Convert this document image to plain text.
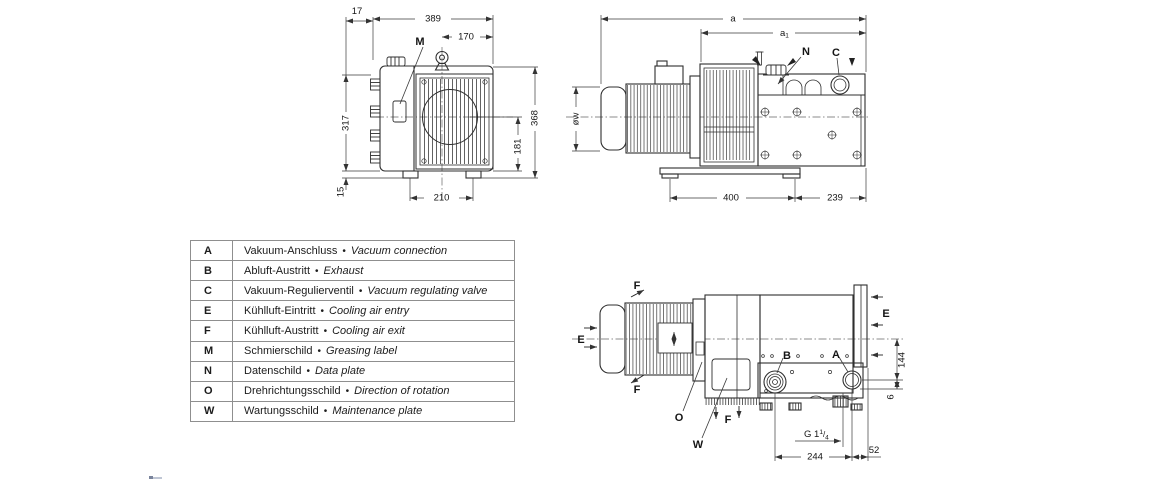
17
389
170
317
15
368
181
210
M
a
$a_1$
øw
400	239
N C
F
E
F
O
W
F
B	A
E
144
6
G $1^1_{/4}$
244
52
A	Vakuum-Anschluss • Vacuum connection
B	Abluft-Austritt • Exhaust
C	Vakuum-Regulierventil • Vacuum regulating valve
E	Kühlluft-Eintritt • Cooling air entry
F	Kühlluft-Austritt • Cooling air exit
M	Schmierschild • Greasing label
N	Datenschild • Data plate
O	Drehrichtungsschild • Direction of rotation
W	Wartungsschild • Maintenance plate
